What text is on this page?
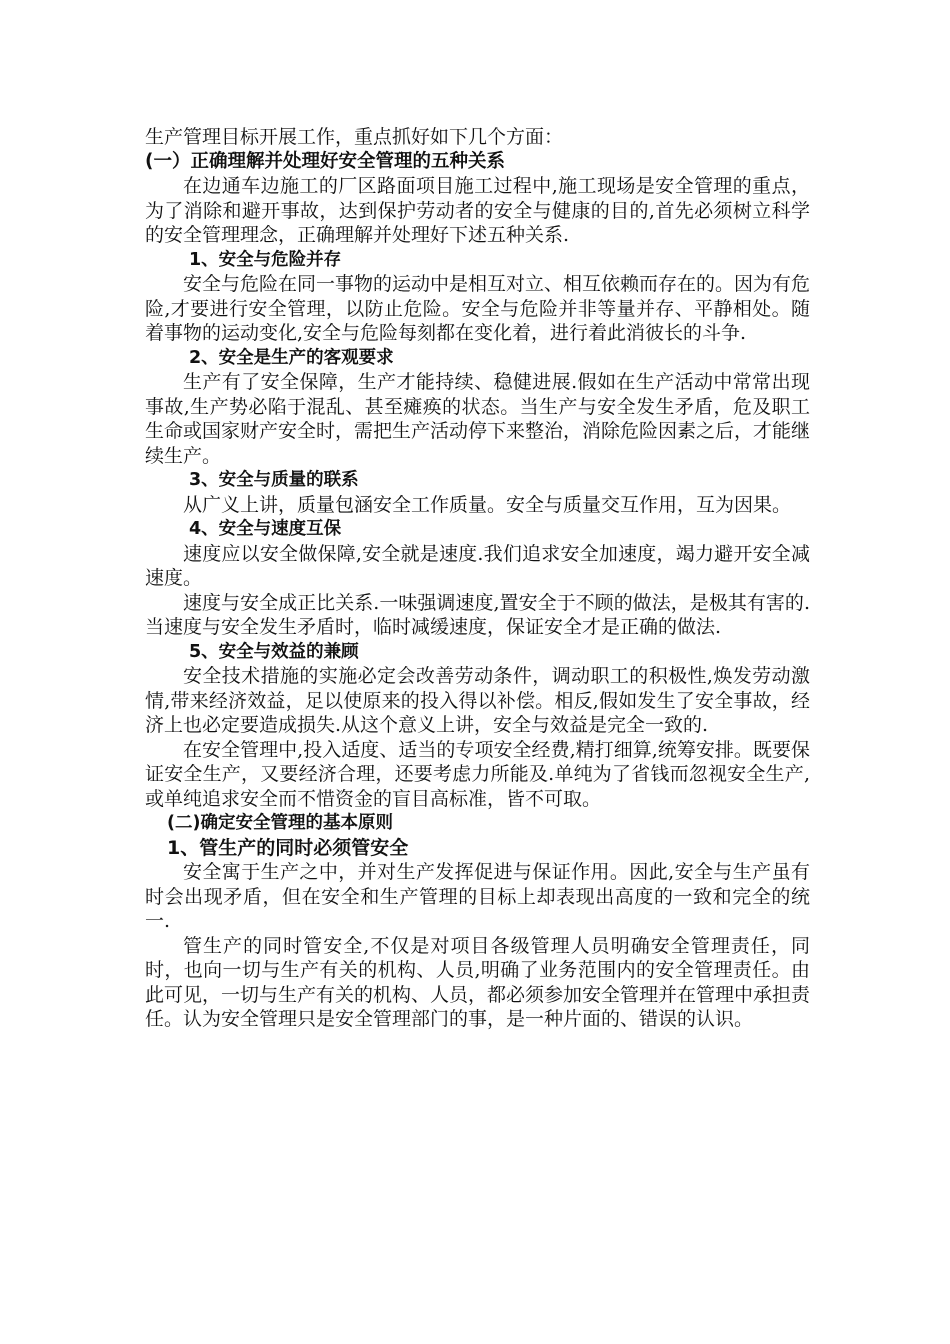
生产管理目标开展工作，重点抓好如下几个方面：

(一）正确理解并处理好安全管理的五种关系

在边通车边施工的厂区路面项目施工过程中,施工现场是安全管理的重点，为了消除和避开事故，达到保护劳动者的安全与健康的目的,首先必须树立科学的安全管理理念，正确理解并处理好下述五种关系.

1、安全与危险并存

安全与危险在同一事物的运动中是相互对立、相互依赖而存在的。因为有危险,才要进行安全管理，以防止危险。安全与危险并非等量并存、平静相处。随着事物的运动变化,安全与危险每刻都在变化着，进行着此消彼长的斗争.

2、安全是生产的客观要求

生产有了安全保障，生产才能持续、稳健进展.假如在生产活动中常常出现事故,生产势必陷于混乱、甚至瘫痪的状态。当生产与安全发生矛盾，危及职工生命或国家财产安全时，需把生产活动停下来整治，消除危险因素之后，才能继续生产。

3、安全与质量的联系

从广义上讲，质量包涵安全工作质量。安全与质量交互作用，互为因果。

4、安全与速度互保

速度应以安全做保障,安全就是速度.我们追求安全加速度，竭力避开安全减速度。

速度与安全成正比关系.一味强调速度,置安全于不顾的做法，是极其有害的.当速度与安全发生矛盾时，临时减缓速度，保证安全才是正确的做法.

5、安全与效益的兼顾

安全技术措施的实施必定会改善劳动条件，调动职工的积极性,焕发劳动激情,带来经济效益，足以使原来的投入得以补偿。相反,假如发生了安全事故，经济上也必定要造成损失.从这个意义上讲，安全与效益是完全一致的.

在安全管理中,投入适度、适当的专项安全经费,精打细算,统筹安排。既要保证安全生产，又要经济合理，还要考虑力所能及.单纯为了省钱而忽视安全生产,或单纯追求安全而不惜资金的盲目高标准，皆不可取。

(二)确定安全管理的基本原则

1、管生产的同时必须管安全

安全寓于生产之中，并对生产发挥促进与保证作用。因此,安全与生产虽有时会出现矛盾，但在安全和生产管理的目标上却表现出高度的一致和完全的统一.

管生产的同时管安全,不仅是对项目各级管理人员明确安全管理责任，同时，也向一切与生产有关的机构、人员,明确了业务范围内的安全管理责任。由此可见，一切与生产有关的机构、人员，都必须参加安全管理并在管理中承担责任。认为安全管理只是安全管理部门的事，是一种片面的、错误的认识。
